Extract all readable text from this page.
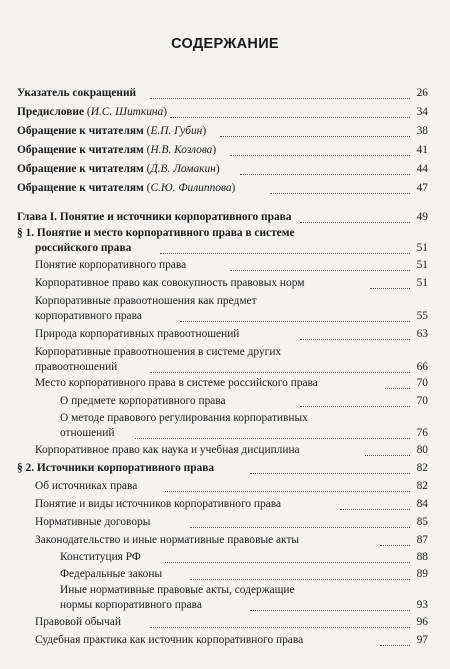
СОДЕРЖАНИЕ
Указатель сокращений	26
Предисловие (И.С. Шиткина)	34
Обращение к читателям (Е.П. Губин)	38
Обращение к читателям (Н.В. Козлова)	41
Обращение к читателям (Д.В. Ломакин)	44
Обращение к читателям (С.Ю. Филиппова)	47
Глава I. Понятие и источники корпоративного права	49
§ 1. Понятие и место корпоративного права в системе
российского права	51
Понятие корпоративного права	51
Корпоративное право как совокупность правовых норм	51
Корпоративные правоотношения как предмет
корпоративного права	55
Природа корпоративных правоотношений	63
Корпоративные правоотношения в системе других
правоотношений	66
Место корпоративного права в системе российского права	70
О предмете корпоративного права	70
О методе правового регулирования корпоративных
отношений	76
Корпоративное право как наука и учебная дисциплина	80
§ 2. Источники корпоративного права	82
Об источниках права	82
Понятие и виды источников корпоративного права	84
Нормативные договоры	85
Законодательство и иные нормативные правовые акты	87
Конституция РФ	88
Федеральные законы	89
Иные нормативные правовые акты, содержащие
нормы корпоративного права	93
Правовой обычай	96
Судебная практика как источник корпоративного права	97
